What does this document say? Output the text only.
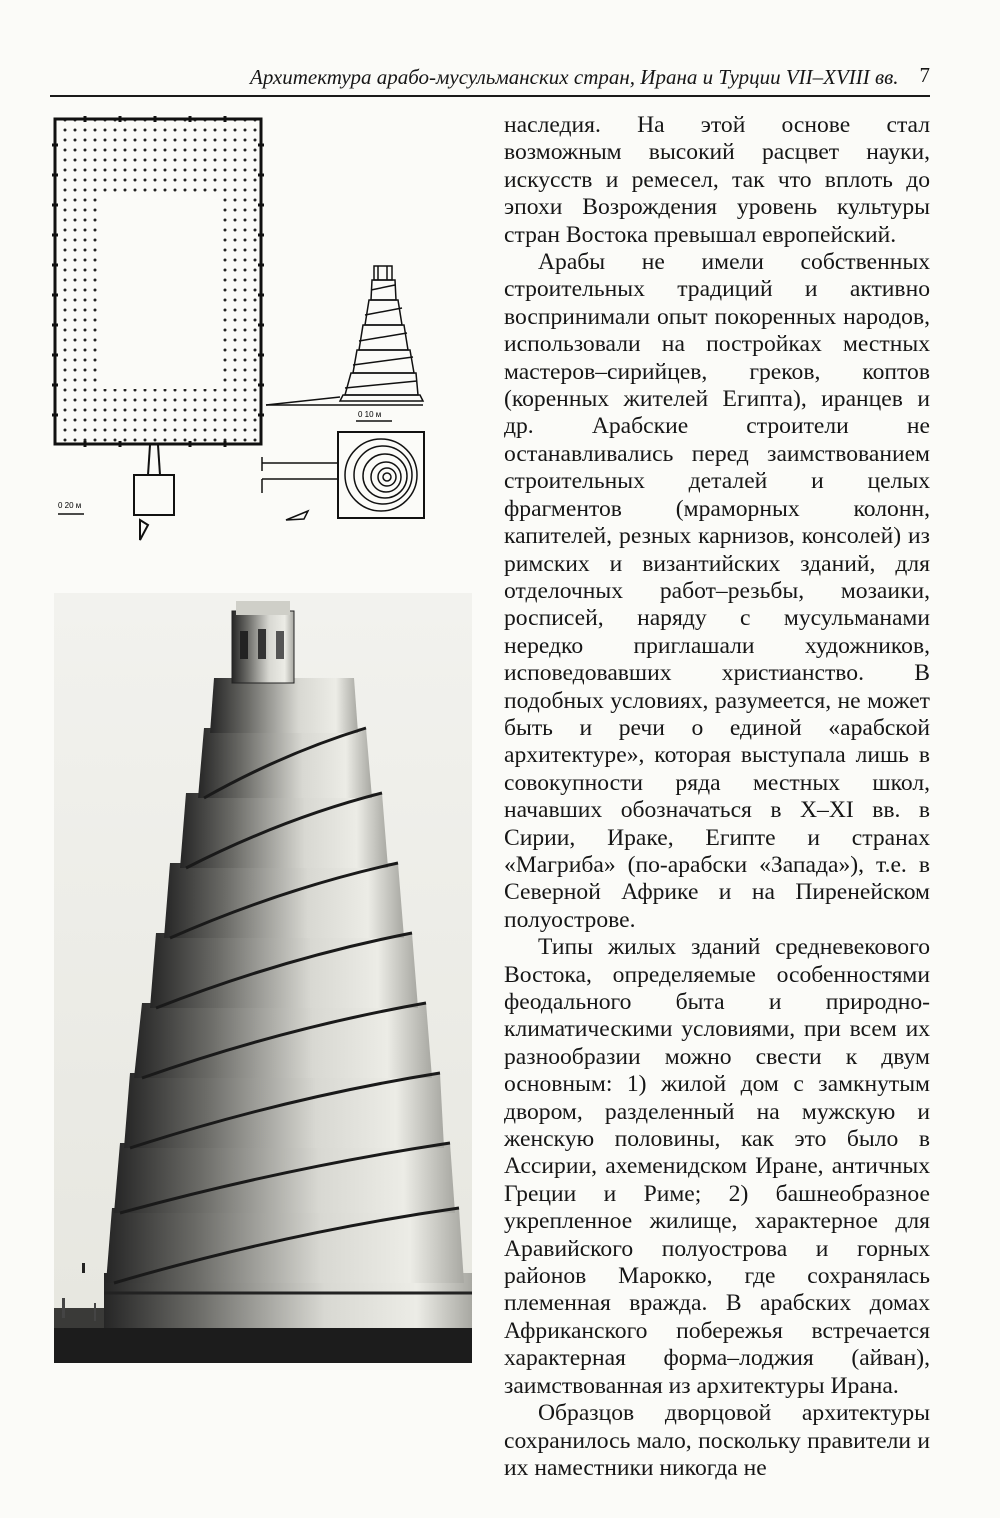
Архитектура арабо-мусульманских стран, Ирана и Турции VII–XVIII вв. 7
0 20 м
0 10 м

наследия. На этой основе стал возможным высокий расцвет науки, искусств и ремесел, так что вплоть до эпохи Возрождения уровень культуры стран Востока превышал европейский.

Арабы не имели собственных строительных традиций и активно воспринимали опыт покоренных народов, использовали на постройках местных мастеров–сирийцев, греков, коптов (коренных жителей Египта), иранцев и др. Арабские строители не останавливались перед заимствованием строительных деталей и целых фрагментов (мраморных колонн, капителей, резных карнизов, консолей) из римских и византийских зданий, для отделочных работ–резьбы, мозаики, росписей, наряду с мусульманами нередко приглашали художников, исповедовавших христианство. В подобных условиях, разумеется, не может быть и речи о единой «арабской архитектуре», которая выступала лишь в совокупности ряда местных школ, начавших обозначаться в X–XI вв. в Сирии, Ираке, Египте и странах «Магриба» (по-арабски «Запада»), т.е. в Северной Африке и на Пиренейском полуострове.

Типы жилых зданий средневекового Востока, определяемые особенностями феодального быта и природно-климатическими условиями, при всем их разнообразии можно свести к двум основным: 1) жилой дом с замкнутым двором, разделенный на мужскую и женскую половины, как это было в Ассирии, ахеменидском Иране, античных Греции и Риме; 2) башнеобразное укрепленное жилище, характерное для Аравийского полуострова и горных районов Марокко, где сохранялась племенная вражда. В арабских домах Африканского побережья встречается характерная форма–лоджия (айван), заимствованная из архитектуры Ирана.

Образцов дворцовой архитектуры сохранилось мало, поскольку правители и их наместники никогда не
